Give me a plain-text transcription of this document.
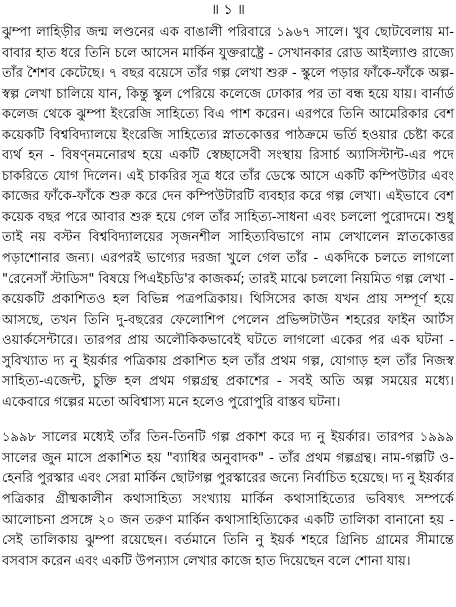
॥ ১ ॥

ঝুম্পা লাহিড়ীর জন্ম লণ্ডনের এক বাঙালী পরিবারে ১৯৬৭ সালে। খুব ছোটবেলায় মা-বাবার হাত ধরে তিনি চলে আসেন মার্কিন যুক্তরাষ্ট্রে - সেখানকার রোড আইল্যাণ্ড রাজ্যে তাঁর শৈশব কেটেছে। ৭ বছর বয়েসে তাঁর গল্প লেখা শুরু - স্কুলে পড়ার ফাঁকে-ফাঁকে অল্প-স্বল্প লেখা চালিয়ে যান, কিন্তু স্কুল পেরিয়ে কলেজে ঢোকার পর তা বন্ধ হয়ে যায়। বার্নার্ড কলেজ থেকে ঝুম্পা ইংরেজি সাহিত্যে বিএ পাশ করেন। এরপরে তিনি আমেরিকার বেশ কয়েকটি বিশ্ববিদ্যালয়ে ইংরেজি সাহিত্যের স্নাতকোত্তর পাঠক্রমে ভর্তি হওয়ার চেষ্টা করে ব্যর্থ হন - বিষণ্নমনোরথ হয়ে একটি স্বেচ্ছাসেবী সংস্থায় রিসার্চ অ্যাসিস্টান্ট-এর পদে চাকরিতে যোগ দিলেন। এই চাকরির সূত্র ধরে তাঁর ডেস্কে আসে একটি কম্পিউটার এবং কাজের ফাঁকে-ফাঁকে শুরু করে দেন কম্পিউটারটি ব্যবহার করে গল্প লেখা। এইভাবে বেশ কয়েক বছর পরে আবার শুরু হয়ে গেল তাঁর সাহিত্য-সাধনা এবং চললো পুরোদমে। শুধু তাই নয় বস্টন বিশ্ববিদ্যালয়ের সৃজনশীল সাহিত্যবিভাগে নাম লেখালেন স্নাতকোত্তর পড়াশোনার জন্য। এরপরই ভাগ্যের দরজা খুলে গেল তাঁর - একদিকে চলতে লাগলো "রেনেসাঁ স্টাডিস" বিষয়ে পিএইচডি'র কাজকর্ম; তারই মাঝে চললো নিয়মিত গল্প লেখা - কয়েকটি প্রকাশিতও হল বিভিন্ন পত্রপত্রিকায়। থিসিসের কাজ যখন প্রায় সম্পূর্ণ হয়ে আসছে, তখন তিনি দু-বছরের ফেলোশিপ পেলেন প্রভিন্সটাউন শহরের ফাইন আর্টস ওয়ার্কসেন্টারে। তারপর প্রায় অলৌকিকভাবেই ঘটতে লাগলো একের পর এক ঘটনা - সুবিখ্যাত দ্য নু ইয়র্কার পত্রিকায় প্রকাশিত হল তাঁর প্রথম গল্প, যোগাড় হল তাঁর নিজস্ব সাহিত্য-এজেন্ট, চুক্তি হল প্রথম গল্পগ্রন্থ প্রকাশের - সবই অতি অল্প সময়ের মধ্যে। একেবারে গল্পের মতো অবিশ্বাস্য মনে হলেও পুরোপুরি বাস্তব ঘটনা।

১৯৯৮ সালের মধ্যেই তাঁর তিন-তিনটি গল্প প্রকাশ করে দ্য নু ইয়র্কার। তারপর ১৯৯৯ সালের জুন মাসে প্রকাশিত হয় "ব্যাধির অনুবাদক" - তাঁর প্রথম গল্পগ্রন্থ। নাম-গল্পটি ও-হেনরি পুরস্কার এবং সেরা মার্কিন ছোটগল্প পুরস্কারের জন্যে নির্বাচিত হয়েছে। দ্য নু ইয়র্কার পত্রিকার গ্রীষ্মকালীন কথাসাহিত্য সংখ্যায় মার্কিন কথাসাহিত্যের ভবিষ্যৎ সম্পর্কে আলোচনা প্রসঙ্গে ২০ জন তরুণ মার্কিন কথাসাহিত্যিকের একটি তালিকা বানানো হয় - সেই তালিকায় ঝুম্পা রয়েছেন। বর্তমানে তিনি নু ইয়র্ক শহরে গ্রিনিচ গ্রামের সীমান্তে বসবাস করেন এবং একটি উপন্যাস লেখার কাজে হাত দিয়েছেন বলে শোনা যায়।
